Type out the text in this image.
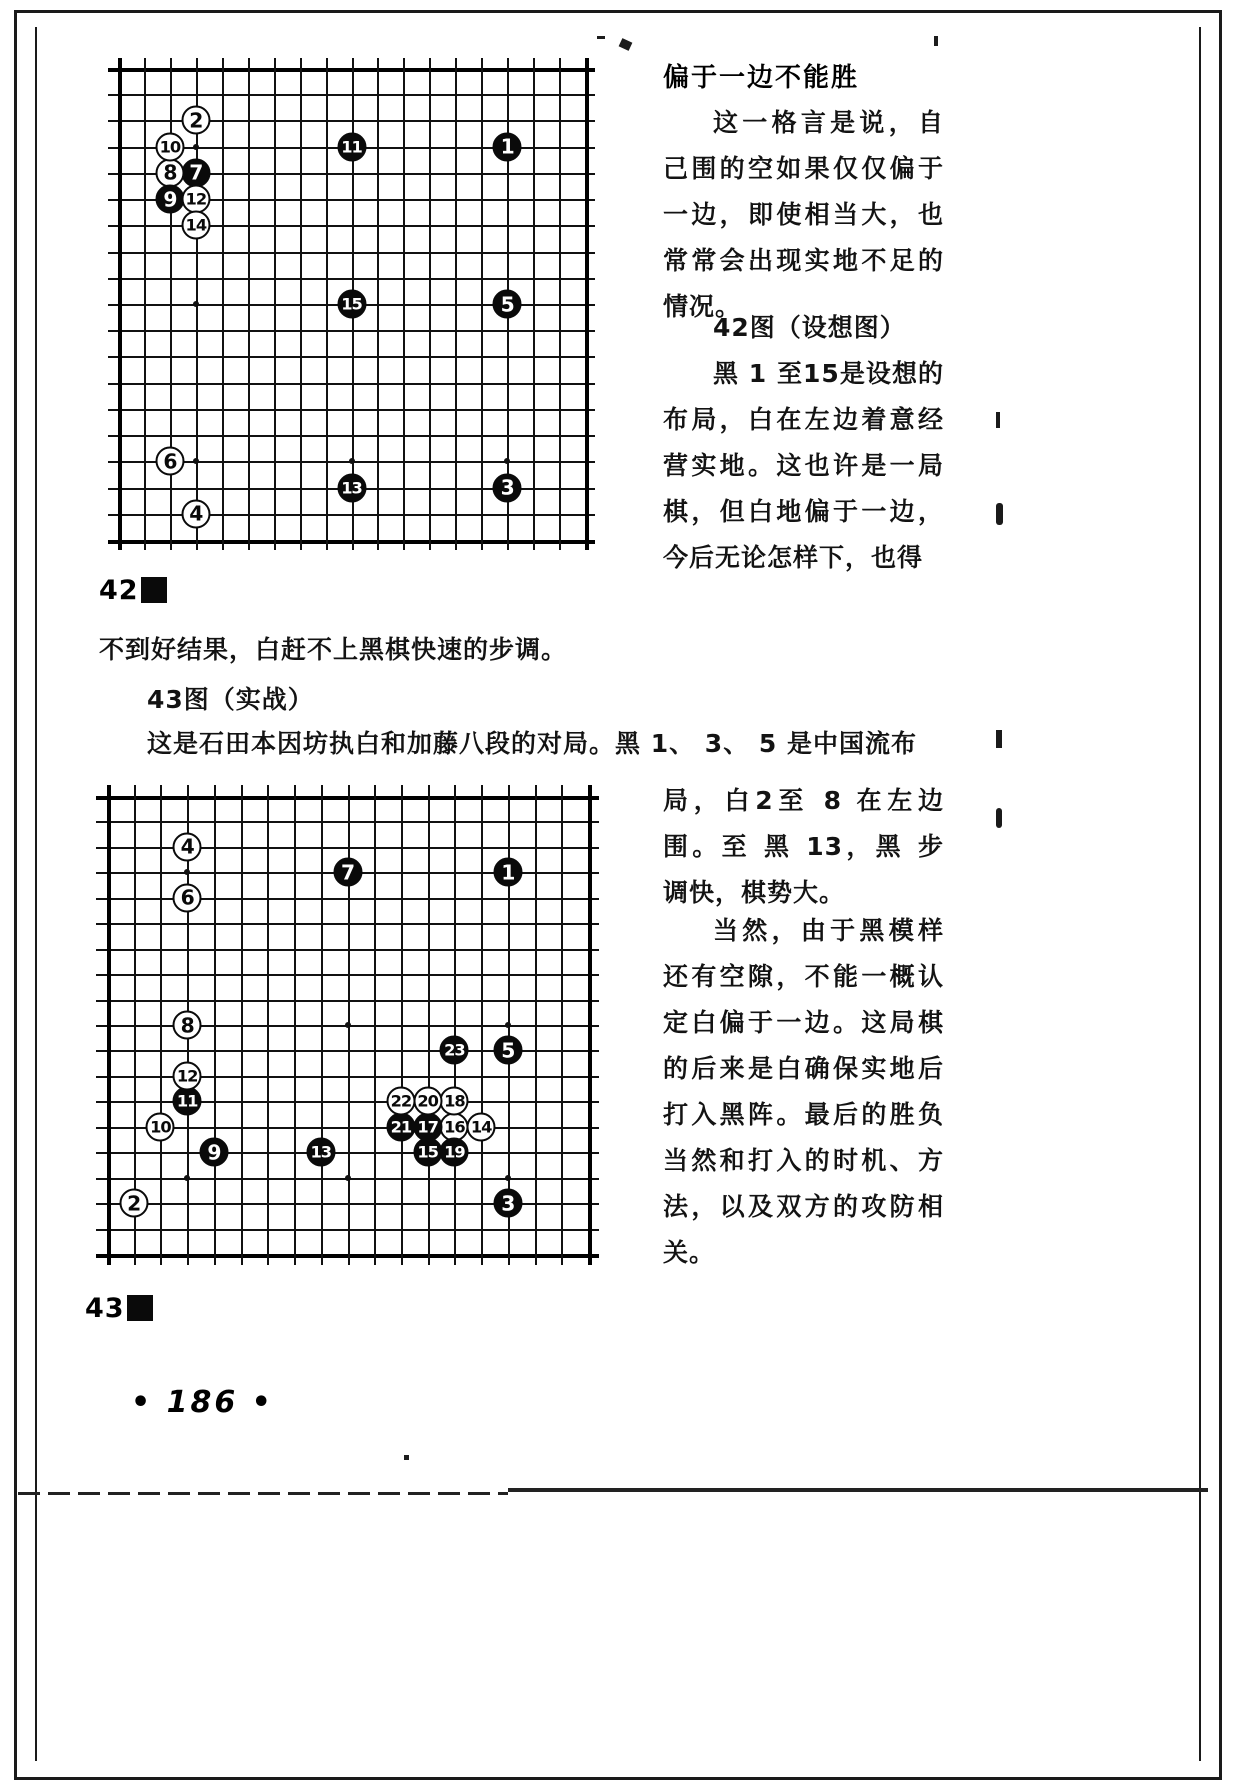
1
2
3
4
5
6
7
8
9
10	11
12
13
14
15
偏于一边不能胜
这一格言是说，自己围的空如果仅仅偏于一边，即使相当大，也常常会出现实地不足的情况。
42图（设想图）
黑 1 至15是设想的布局，白在左边着意经营实地。这也许是一局棋，但白地偏于一边，今后无论怎样下，也得
42
不到好结果，白赶不上黑棋快速的步调。
43图（实战）
这是石田本因坊执白和加藤八段的对局。黑 1、 3、 5 是中国流布
1
2	3
4
5
6
7
8
9
10
11
12
13
14
15
16
17
18
19
20
21
22
23
局，白2至 8 在左边围。至 黑 13，黑 步 调快，棋势大。
当然，由于黑模样还有空隙，不能一概认定白偏于一边。这局棋的后来是白确保实地后打入黑阵。最后的胜负当然和打入的时机、方法，以及双方的攻防相关。
43
• 186 •
